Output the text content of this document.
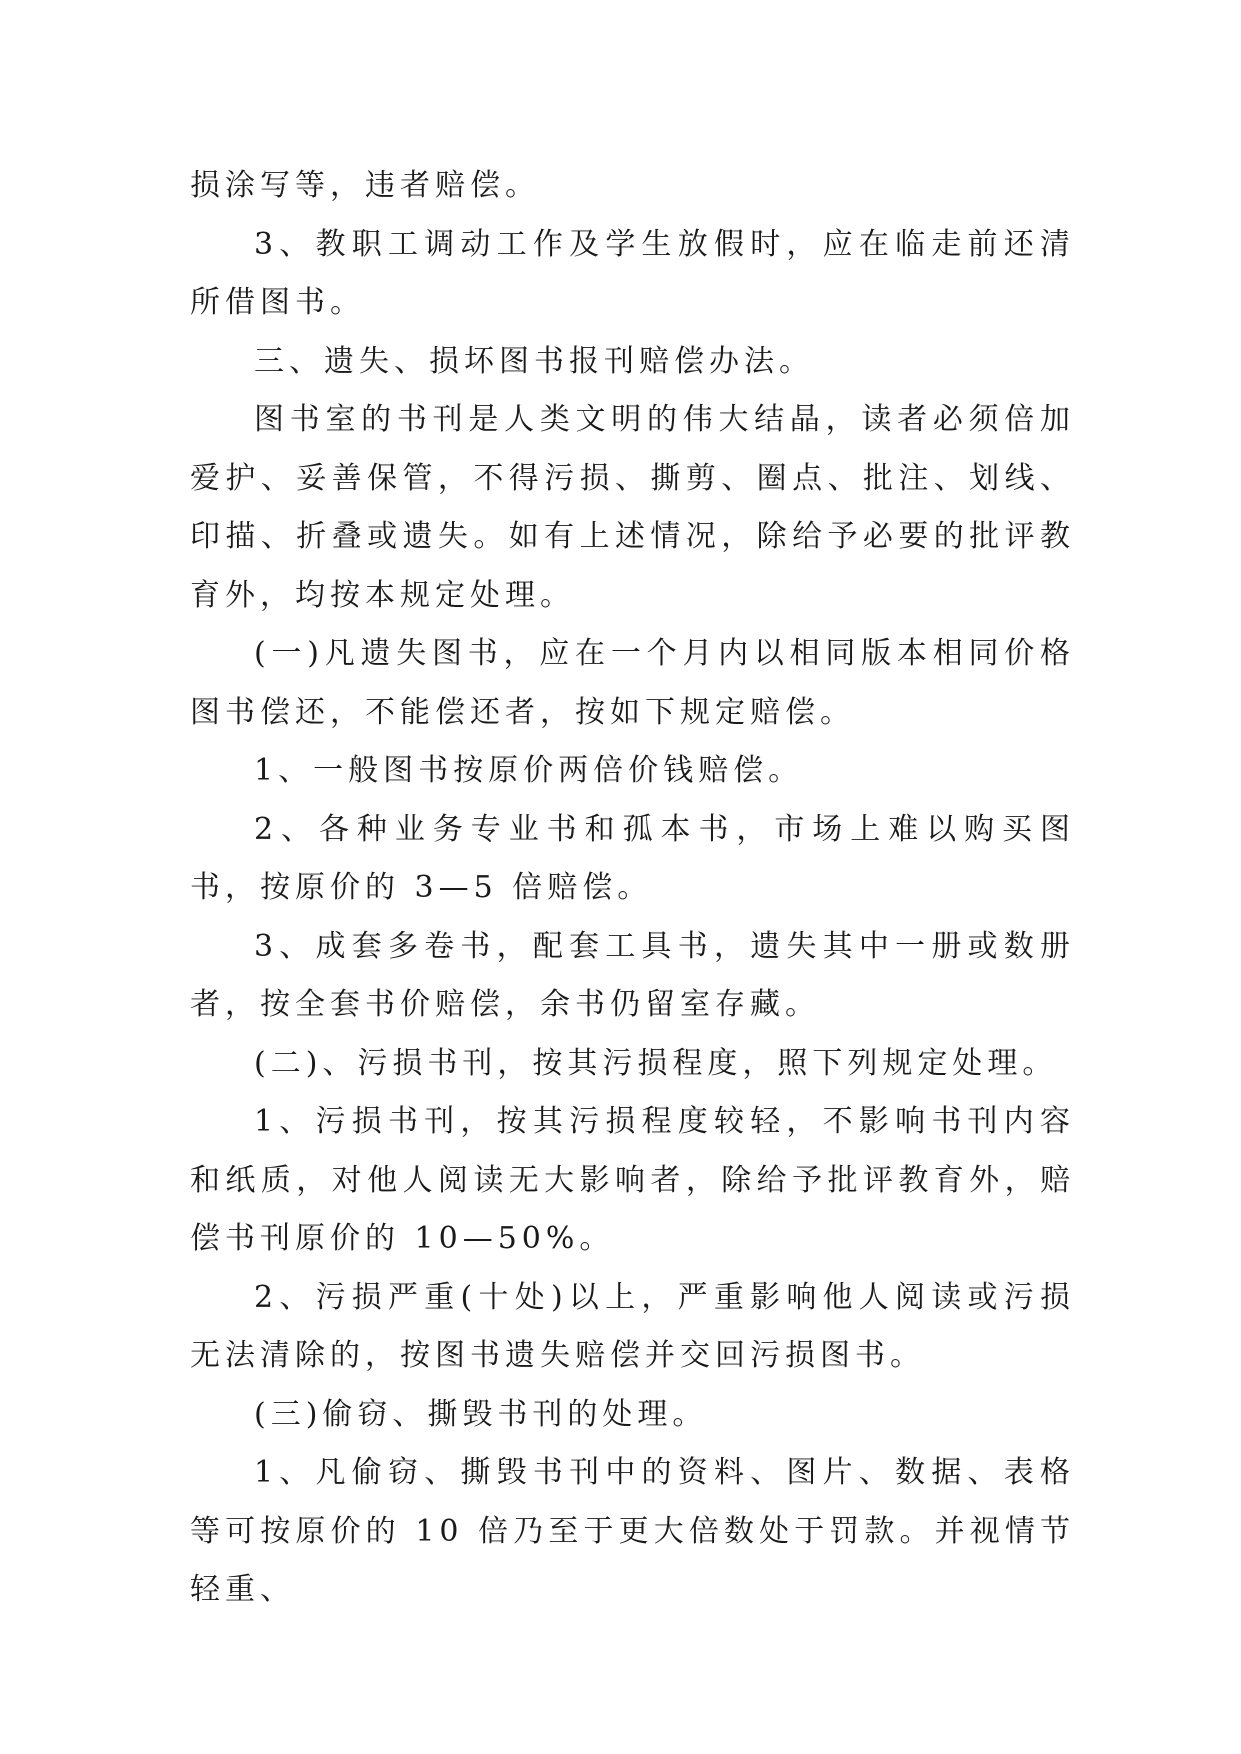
损涂写等，违者赔偿。

3、教职工调动工作及学生放假时，应在临走前还清所借图书。

三、遗失、损坏图书报刊赔偿办法。

图书室的书刊是人类文明的伟大结晶，读者必须倍加爱护、妥善保管，不得污损、撕剪、圈点、批注、划线、印描、折叠或遗失。如有上述情况，除给予必要的批评教育外，均按本规定处理。

(一)凡遗失图书，应在一个月内以相同版本相同价格图书偿还，不能偿还者，按如下规定赔偿。

1、一般图书按原价两倍价钱赔偿。

2、各种业务专业书和孤本书，市场上难以购买图书，按原价的 3—5 倍赔偿。

3、成套多卷书，配套工具书，遗失其中一册或数册者，按全套书价赔偿，余书仍留室存藏。

(二)、污损书刊，按其污损程度，照下列规定处理。

1、污损书刊，按其污损程度较轻，不影响书刊内容和纸质，对他人阅读无大影响者，除给予批评教育外，赔偿书刊原价的 10—50%。

2、污损严重(十处)以上，严重影响他人阅读或污损无法清除的，按图书遗失赔偿并交回污损图书。

(三)偷窃、撕毁书刊的处理。

1、凡偷窃、撕毁书刊中的资料、图片、数据、表格等可按原价的 10 倍乃至于更大倍数处于罚款。并视情节轻重、
